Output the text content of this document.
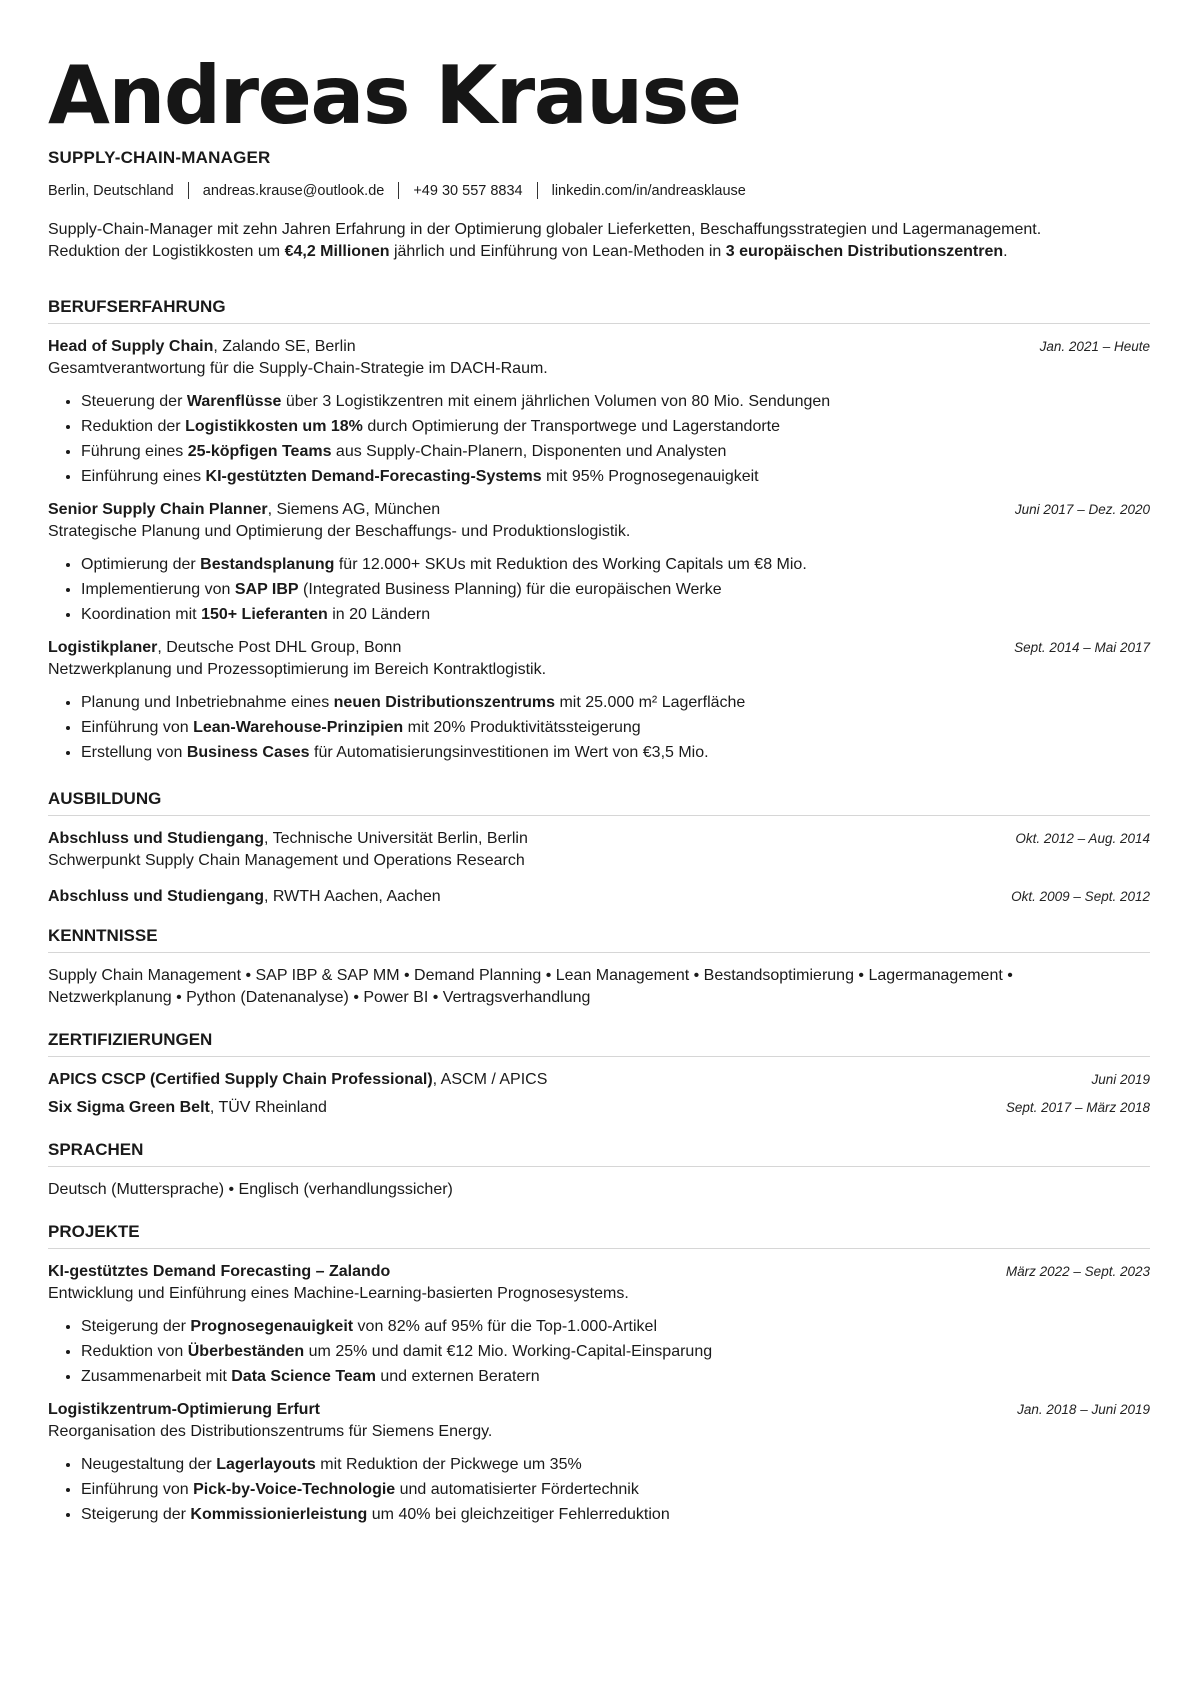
Andreas Krause
SUPPLY-CHAIN-MANAGER
Berlin, Deutschland andreas.krause@outlook.de +49 30 557 8834 linkedin.com/in/andreasklause
Supply-Chain-Manager mit zehn Jahren Erfahrung in der Optimierung globaler Lieferketten, Beschaffungsstrategien und Lagermanagement.
Reduktion der Logistikkosten um €4,2 Millionen jährlich und Einführung von Lean-Methoden in 3 europäischen Distributionszentren.
BERUFSERFAHRUNG
Head of Supply Chain, Zalando SE, Berlin	Jan. 2021 – Heute
Gesamtverantwortung für die Supply-Chain-Strategie im DACH-Raum.
• Steuerung der Warenflüsse über 3 Logistikzentren mit einem jährlichen Volumen von 80 Mio. Sendungen
• Reduktion der Logistikkosten um 18% durch Optimierung der Transportwege und Lagerstandorte
• Führung eines 25-köpfigen Teams aus Supply-Chain-Planern, Disponenten und Analysten
• Einführung eines KI-gestützten Demand-Forecasting-Systems mit 95% Prognosegenauigkeit
Senior Supply Chain Planner, Siemens AG, München	Juni 2017 – Dez. 2020
Strategische Planung und Optimierung der Beschaffungs- und Produktionslogistik.
• Optimierung der Bestandsplanung für 12.000+ SKUs mit Reduktion des Working Capitals um €8 Mio.
• Implementierung von SAP IBP (Integrated Business Planning) für die europäischen Werke
• Koordination mit 150+ Lieferanten in 20 Ländern
Logistikplaner, Deutsche Post DHL Group, Bonn	Sept. 2014 – Mai 2017
Netzwerkplanung und Prozessoptimierung im Bereich Kontraktlogistik.
• Planung und Inbetriebnahme eines neuen Distributionszentrums mit 25.000 m² Lagerfläche
• Einführung von Lean-Warehouse-Prinzipien mit 20% Produktivitätssteigerung
• Erstellung von Business Cases für Automatisierungsinvestitionen im Wert von €3,5 Mio.
AUSBILDUNG
Abschluss und Studiengang, Technische Universität Berlin, Berlin	Okt. 2012 – Aug. 2014
Schwerpunkt Supply Chain Management und Operations Research
Abschluss und Studiengang, RWTH Aachen, Aachen	Okt. 2009 – Sept. 2012
KENNTNISSE
Supply Chain Management • SAP IBP & SAP MM • Demand Planning • Lean Management • Bestandsoptimierung • Lagermanagement •
Netzwerkplanung • Python (Datenanalyse) • Power BI • Vertragsverhandlung
ZERTIFIZIERUNGEN
APICS CSCP (Certified Supply Chain Professional), ASCM / APICS	Juni 2019
Six Sigma Green Belt, TÜV Rheinland	Sept. 2017 – März 2018
SPRACHEN
Deutsch (Muttersprache) • Englisch (verhandlungssicher)
PROJEKTE
KI-gestütztes Demand Forecasting – Zalando	März 2022 – Sept. 2023
Entwicklung und Einführung eines Machine-Learning-basierten Prognosesystems.
• Steigerung der Prognosegenauigkeit von 82% auf 95% für die Top-1.000-Artikel
• Reduktion von Überbeständen um 25% und damit €12 Mio. Working-Capital-Einsparung
• Zusammenarbeit mit Data Science Team und externen Beratern
Logistikzentrum-Optimierung Erfurt	Jan. 2018 – Juni 2019
Reorganisation des Distributionszentrums für Siemens Energy.
• Neugestaltung der Lagerlayouts mit Reduktion der Pickwege um 35%
• Einführung von Pick-by-Voice-Technologie und automatisierter Fördertechnik
• Steigerung der Kommissionierleistung um 40% bei gleichzeitiger Fehlerreduktion
